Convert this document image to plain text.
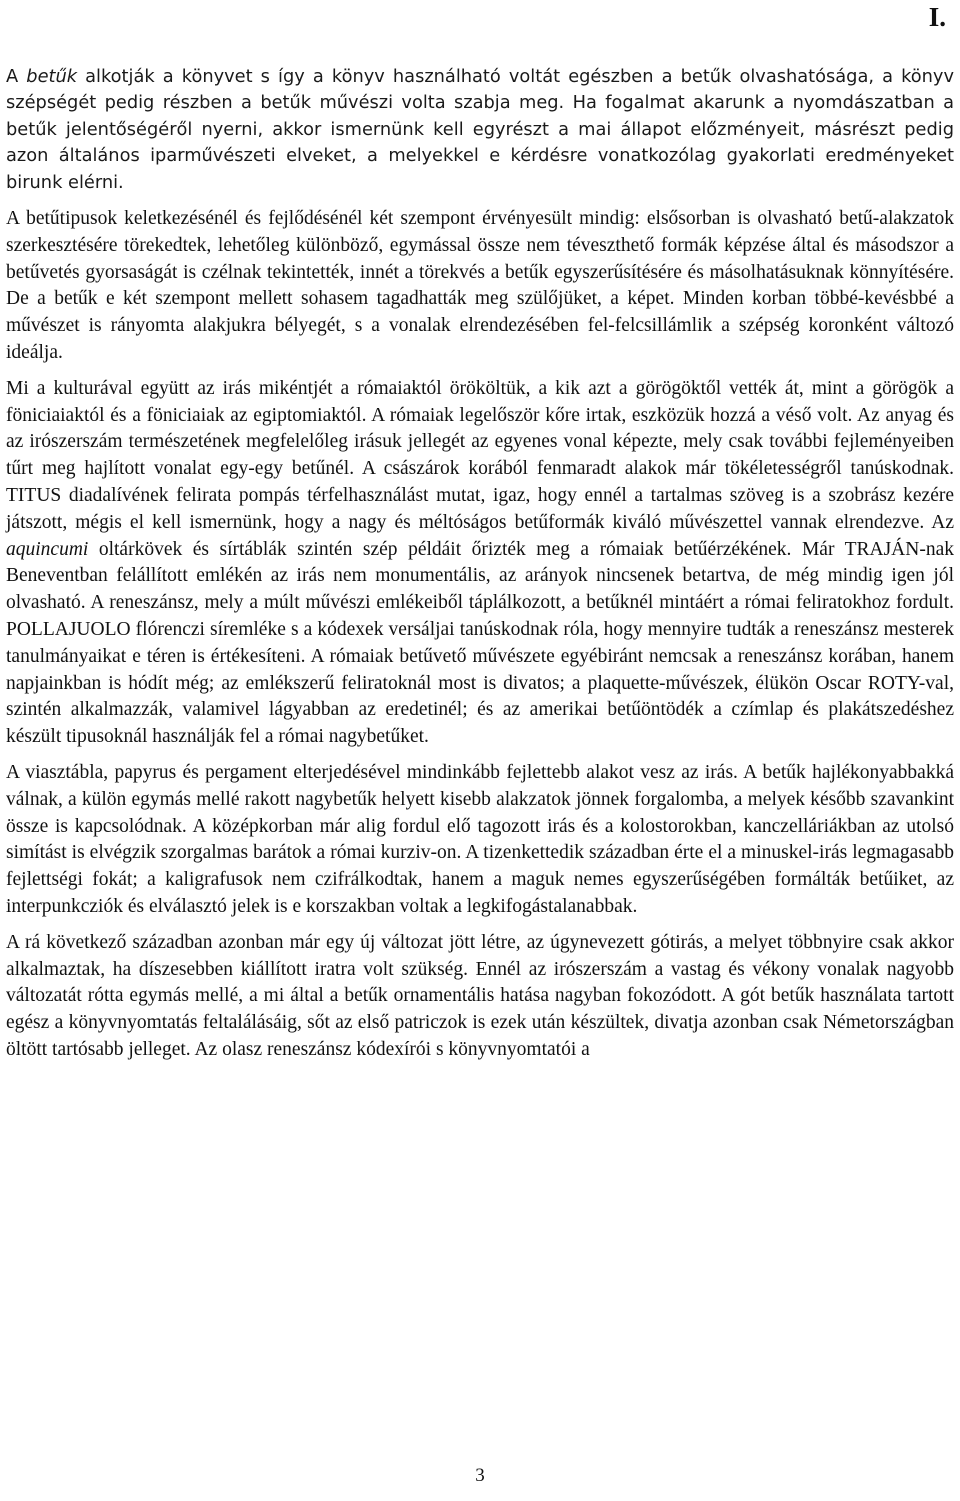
I.

A betűk alkotják a könyvet s így a könyv használható voltát egészben a betűk olvashatósága, a könyv szépségét pedig részben a betűk művészi volta szabja meg. Ha fogalmat akarunk a nyomdászatban a betűk jelentőségéről nyerni, akkor ismernünk kell egyrészt a mai állapot előzményeit, másrészt pedig azon általános iparművészeti elveket, a melyekkel e kérdésre vonatkozólag gyakorlati eredményeket birunk elérni.

A betűtipusok keletkezésénél és fejlődésénél két szempont érvényesült mindig: elsősorban is olvasható betű-alakzatok szerkesztésére törekedtek, lehetőleg különböző, egymással össze nem téveszthető formák képzése által és másodszor a betűvetés gyorsaságát is czélnak tekintették, innét a törekvés a betűk egyszerűsítésére és másolhatásuknak könnyítésére. De a betűk e két szempont mellett sohasem tagadhatták meg szülőjüket, a képet. Minden korban többé-kevésbbé a művészet is rányomta alakjukra bélyegét, s a vonalak elrendezésében fel-felcsillámlik a szépség koronként változó ideálja.

Mi a kulturával együtt az irás mikéntjét a rómaiaktól örököltük, a kik azt a görögöktől vették át, mint a görögök a föniciaiaktól és a föniciaiak az egiptomiaktól. A rómaiak legelőször kőre irtak, eszközük hozzá a véső volt. Az anyag és az irószerszám természetének megfelelőleg irásuk jellegét az egyenes vonal képezte, mely csak további fejleményeiben tűrt meg hajlított vonalat egy-egy betűnél. A császárok korából fenmaradt alakok már tökéletességről tanúskodnak. TITUS diadalívének felirata pompás térfelhasználást mutat, igaz, hogy ennél a tartalmas szöveg is a szobrász kezére játszott, mégis el kell ismernünk, hogy a nagy és méltóságos betűformák kiváló művészettel vannak elrendezve. Az aquincumi oltárkövek és sírtáblák szintén szép példáit őrizték meg a rómaiak betűérzékének. Már TRAJÁN-nak Beneventban felállított emlékén az irás nem monumentális, az arányok nincsenek betartva, de még mindig igen jól olvasható. A reneszánsz, mely a múlt művészi emlékeiből táplálkozott, a betűknél mintáért a római feliratokhoz fordult. POLLAJUOLO flórenczi síremléke s a kódexek versáljai tanúskodnak róla, hogy mennyire tudták a reneszánsz mesterek tanulmányaikat e téren is értékesíteni. A rómaiak betűvető művészete egyébiránt nemcsak a reneszánsz korában, hanem napjainkban is hódít még; az emlékszerű feliratoknál most is divatos; a plaquette-művészek, élükön Oscar ROTY-val, szintén alkalmazzák, valamivel lágyabban az eredetinél; és az amerikai betűöntödék a czímlap és plakátszedéshez készült tipusoknál használják fel a római nagybetűket.

A viasztábla, papyrus és pergament elterjedésével mindinkább fejlettebb alakot vesz az irás. A betűk hajlékonyabbakká válnak, a külön egymás mellé rakott nagybetűk helyett kisebb alakzatok jönnek forgalomba, a melyek később szavankint össze is kapcsolódnak. A középkorban már alig fordul elő tagozott irás és a kolostorokban, kanczelláriákban az utolsó simítást is elvégzik szorgalmas barátok a római kurziv-on. A tizenkettedik században érte el a minuskel-irás legmagasabb fejlettségi fokát; a kaligrafusok nem czifrálkodtak, hanem a maguk nemes egyszerűségében formálták betűiket, az interpunkcziók és elválasztó jelek is e korszakban voltak a legkifogástalanabbak.

A rá következő században azonban már egy új változat jött létre, az úgynevezett gótirás, a melyet többnyire csak akkor alkalmaztak, ha díszesebben kiállított iratra volt szükség. Ennél az irószerszám a vastag és vékony vonalak nagyobb változatát rótta egymás mellé, a mi által a betűk ornamentális hatása nagyban fokozódott. A gót betűk használata tartott egész a könyvnyomtatás feltalálásáig, sőt az első patriczok is ezek után készültek, divatja azonban csak Németországban öltött tartósabb jelleget. Az olasz reneszánsz kódexírói s könyvnyomtatói a

3
